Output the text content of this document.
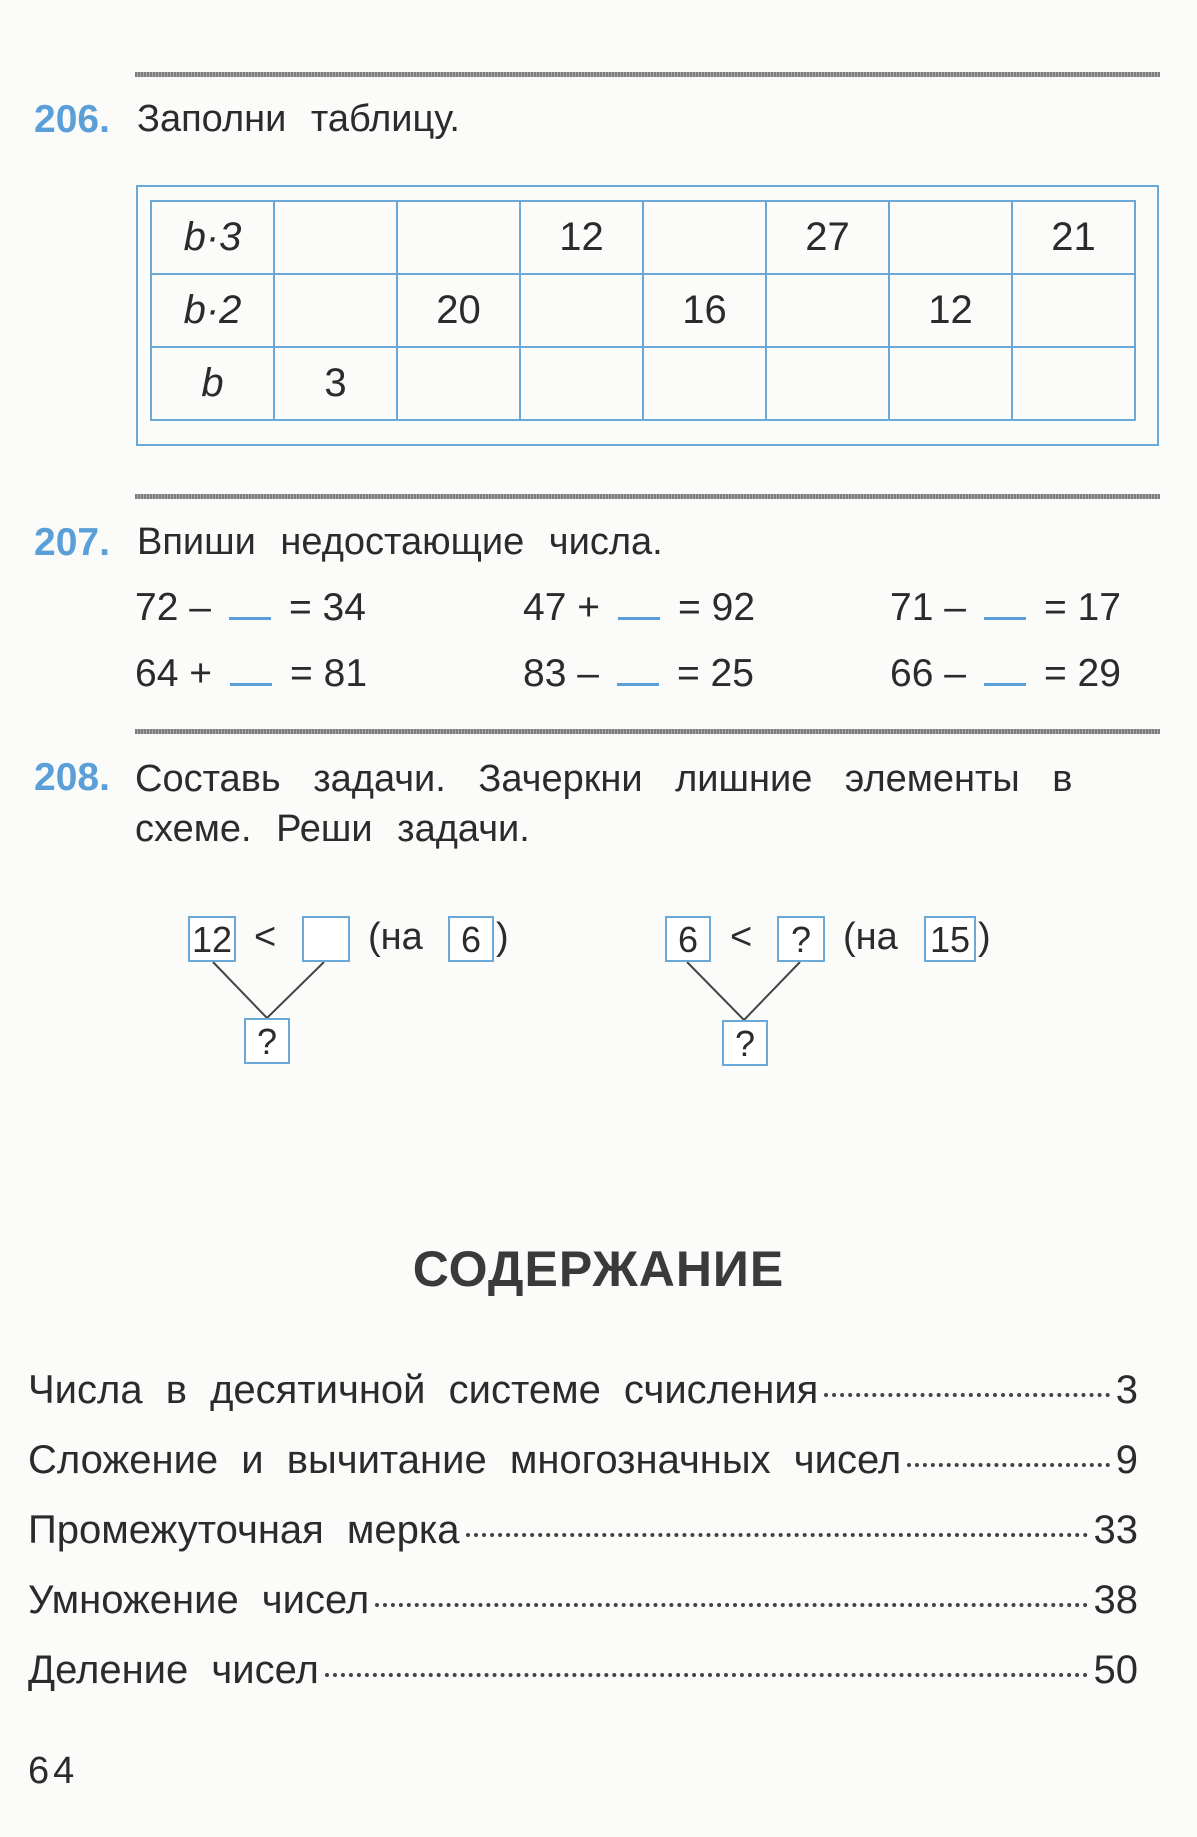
206. Заполни таблицу.
b·3			12		27		21
b·2		20		16		12	
b	3						
207. Впиши недостающие числа.
72 – = 34	47 + = 92	71 – = 17
64 + = 81	83 – = 25	66 – = 29
208. Составь задачи. Зачеркни лишние элементы в
схеме. Реши задачи.
12 < (на	6 )
?
6 <	? (на 15 )
?
СОДЕРЖАНИЕ
Числа в десятичной системе счисления	3
Сложение и вычитание многозначных чисел	9
Промежуточная мерка	33
Умножение чисел	38
Деление чисел	50
64
